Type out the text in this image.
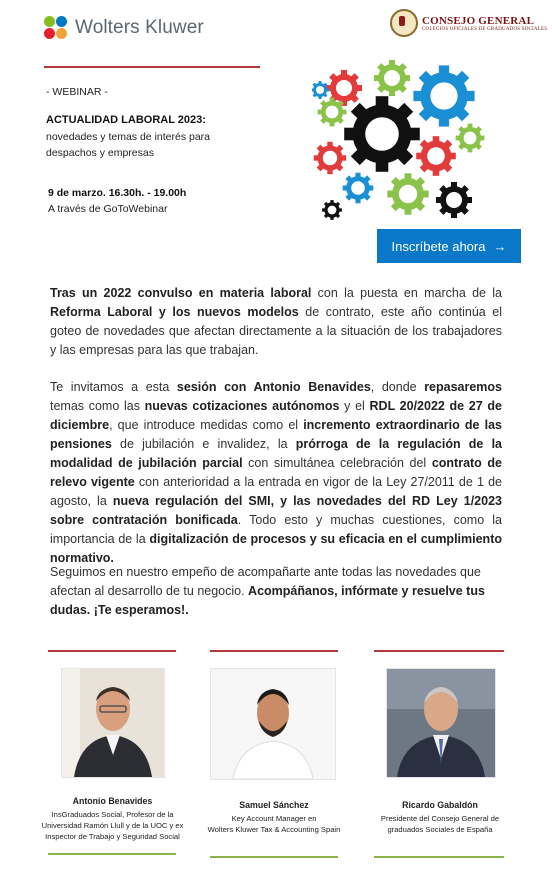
Wolters Kluwer	CONSEJO GENERAL
COLEGIOS OFICIALES DE GRADUADOS SOCIALES
- WEBINAR -
ACTUALIDAD LABORAL 2023:
novedades y temas de interés para
despachos y empresas
9 de marzo. 16.30h. - 19.00h
A través de GoToWebinar
Inscríbete ahora →
Tras un 2022 convulso en materia laboral con la puesta en marcha de la Reforma Laboral y los nuevos modelos de contrato, este año continúa el goteo de novedades que afectan directamente a la situación de los trabajadores y las empresas para las que trabajan.
Te invitamos a esta sesión con Antonio Benavides, donde repasaremos temas como las nuevas cotizaciones autónomos y el RDL 20/2022 de 27 de diciembre, que introduce medidas como el incremento extraordinario de las pensiones de jubilación e invalidez, la prórroga de la regulación de la modalidad de jubilación parcial con simultánea celebración del contrato de relevo vigente con anterioridad a la entrada en vigor de la Ley 27/2011 de 1 de agosto, la nueva regulación del SMI, y las novedades del RD Ley 1/2023 sobre contratación bonificada. Todo esto y muchas cuestiones, como la importancia de la digitalización de procesos y su eficacia en el cumplimiento normativo.
Seguimos en nuestro empeño de acompañarte ante todas las novedades que afectan al desarrollo de tu negocio. Acompáñanos, infórmate y resuelve tus dudas. ¡Te esperamos!.
Antonio Benavides
InsGraduados Social, Profesor de la
Universidad Ramón Llull y de la UOC y ex
Inspector de Trabajo y Seguridad Social
Samuel Sánchez
Key Account Manager en
Wolters Kluwer Tax & Accounting Spain
Ricardo Gabaldón
Presidente del Consejo General de
graduados Sociales de España
